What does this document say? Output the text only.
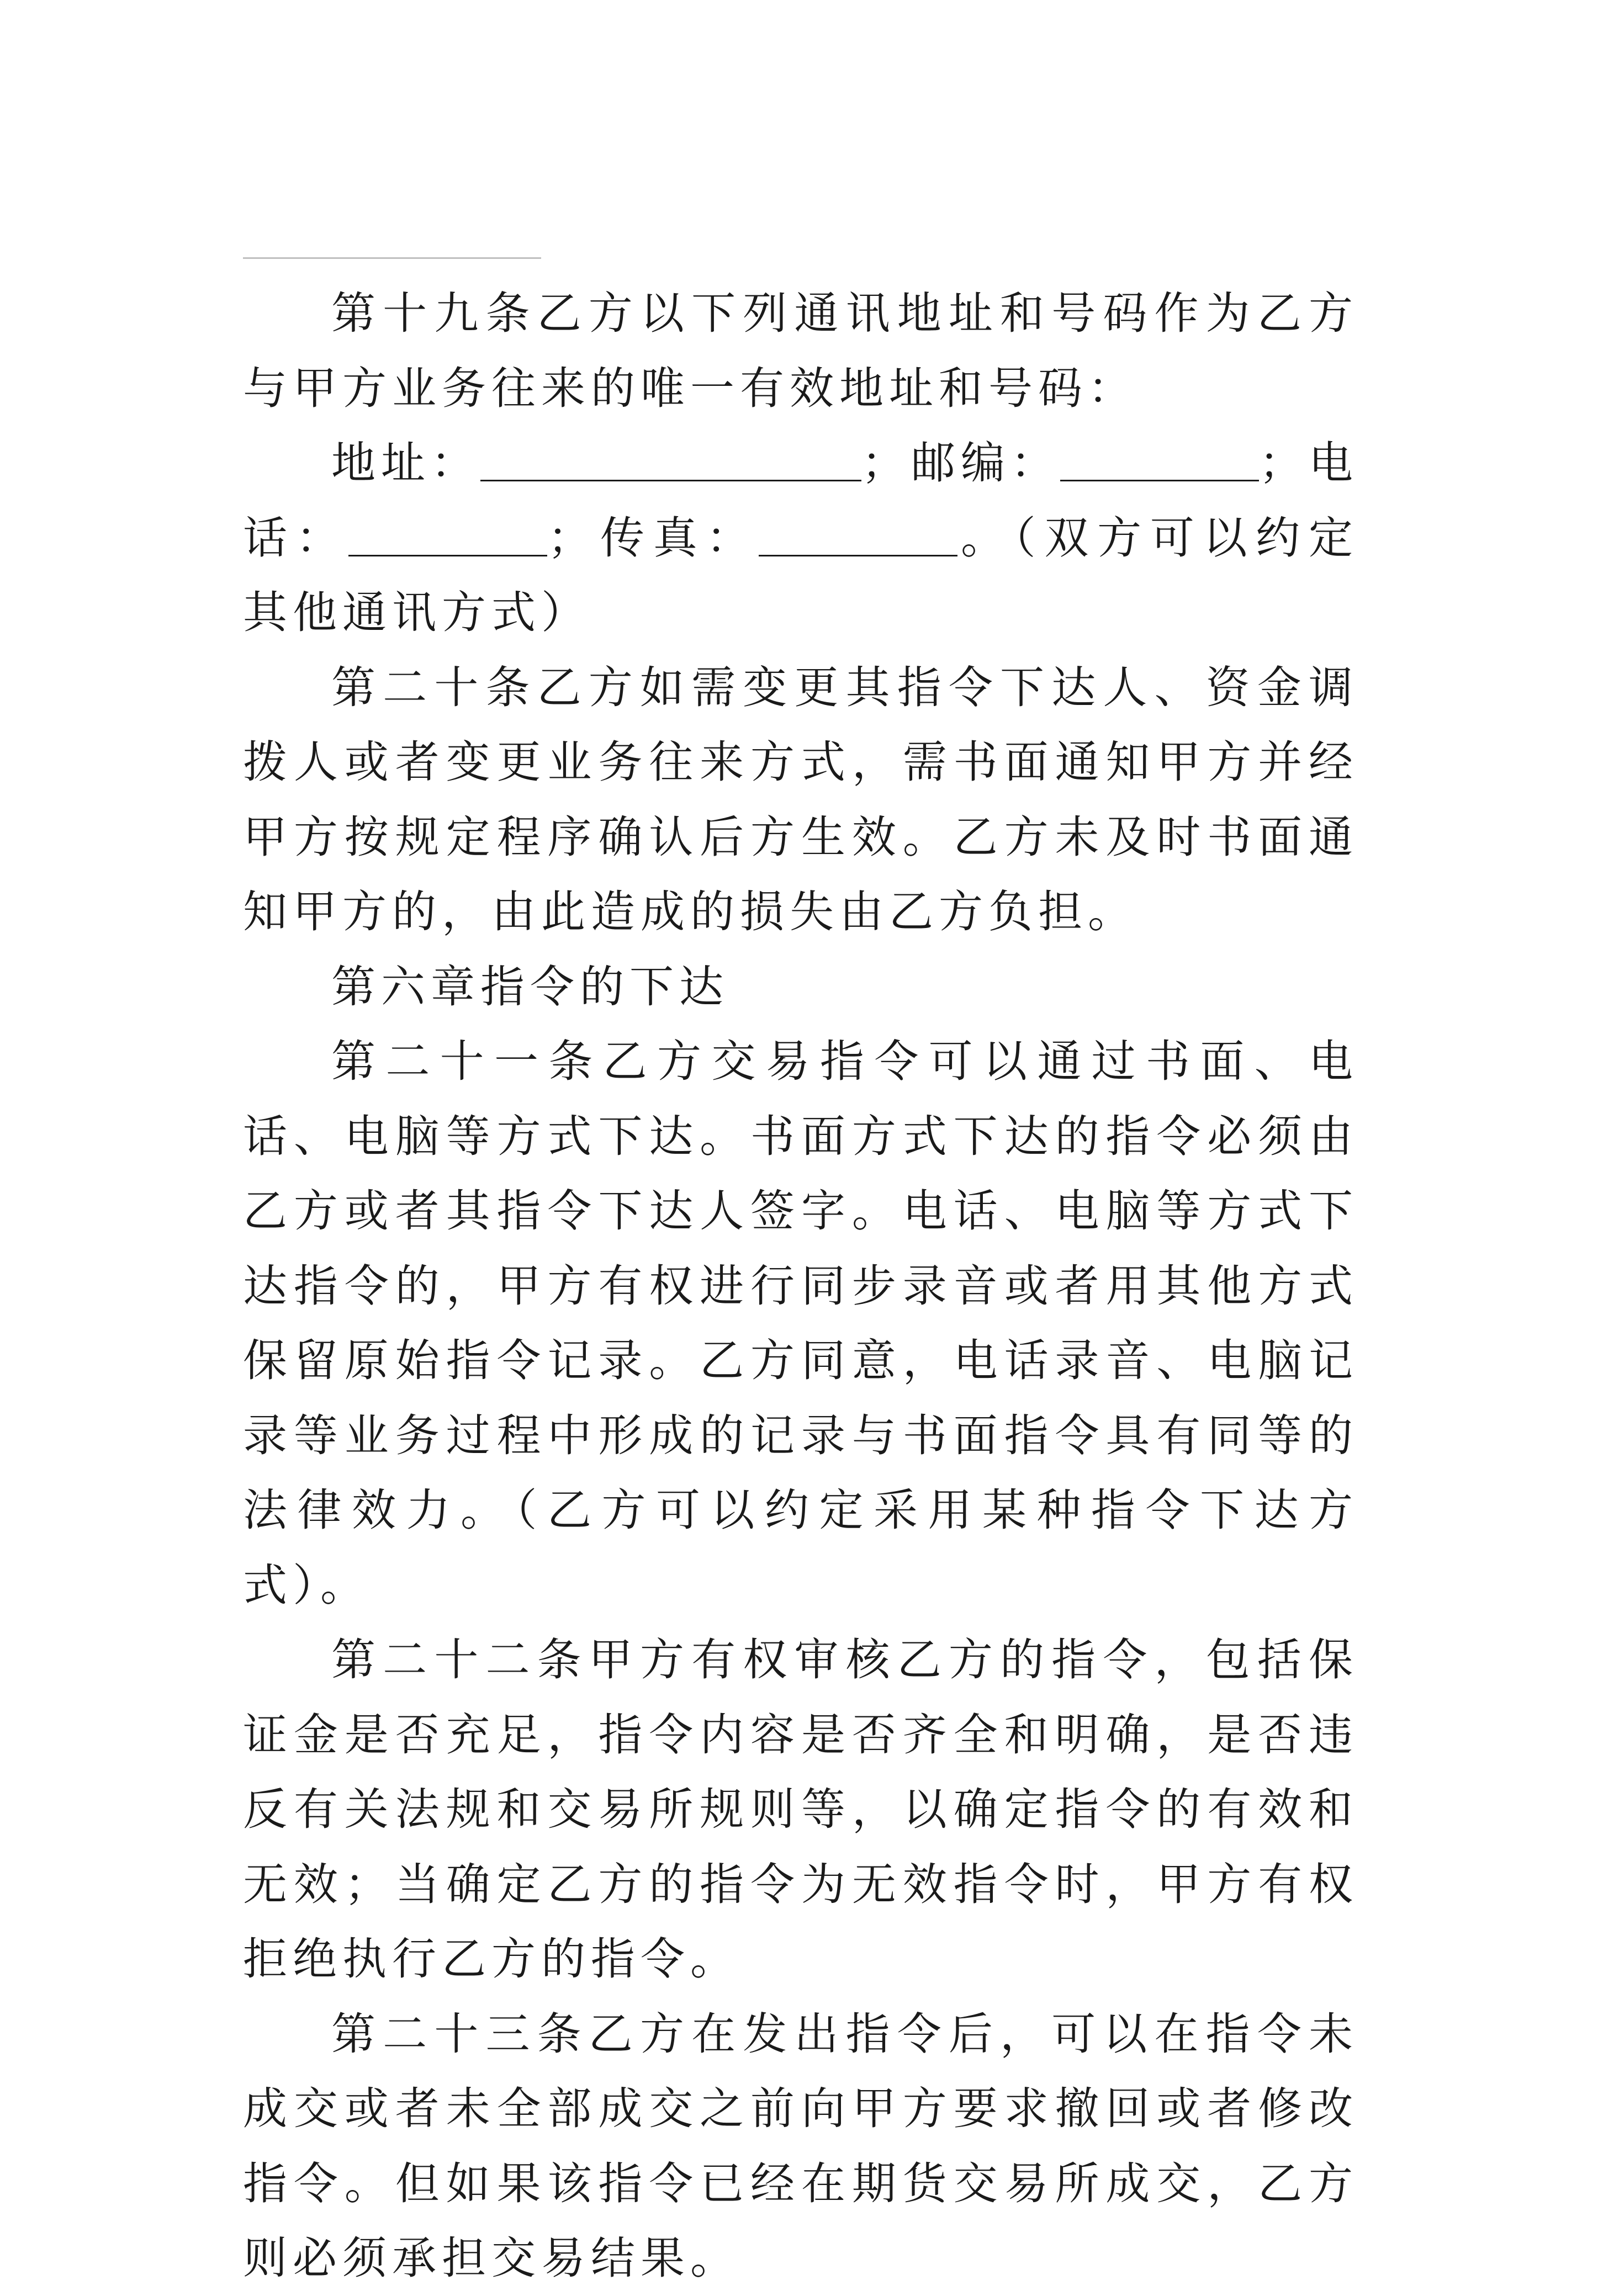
第十九条乙方以下列通讯地址和号码作为乙方与甲方业务往来的唯一有效地址和号码：

地址：	；邮编：	；电话：	；传真：	。（双方可以约定其他通讯方式）

第二十条乙方如需变更其指令下达人、资金调拨人或者变更业务往来方式，需书面通知甲方并经甲方按规定程序确认后方生效。乙方未及时书面通知甲方的，由此造成的损失由乙方负担。

第六章指令的下达

第二十一条乙方交易指令可以通过书面、电话、电脑等方式下达。书面方式下达的指令必须由乙方或者其指令下达人签字。电话、电脑等方式下达指令的，甲方有权进行同步录音或者用其他方式保留原始指令记录。乙方同意，电话录音、电脑记录等业务过程中形成的记录与书面指令具有同等的法律效力。（乙方可以约定采用某种指令下达方式）。

第二十二条甲方有权审核乙方的指令，包括保证金是否充足，指令内容是否齐全和明确，是否违反有关法规和交易所规则等，以确定指令的有效和无效；当确定乙方的指令为无效指令时，甲方有权拒绝执行乙方的指令。

第二十三条乙方在发出指令后，可以在指令未成交或者未全部成交之前向甲方要求撤回或者修改指令。但如果该指令已经在期货交易所成交，乙方则必须承担交易结果。
